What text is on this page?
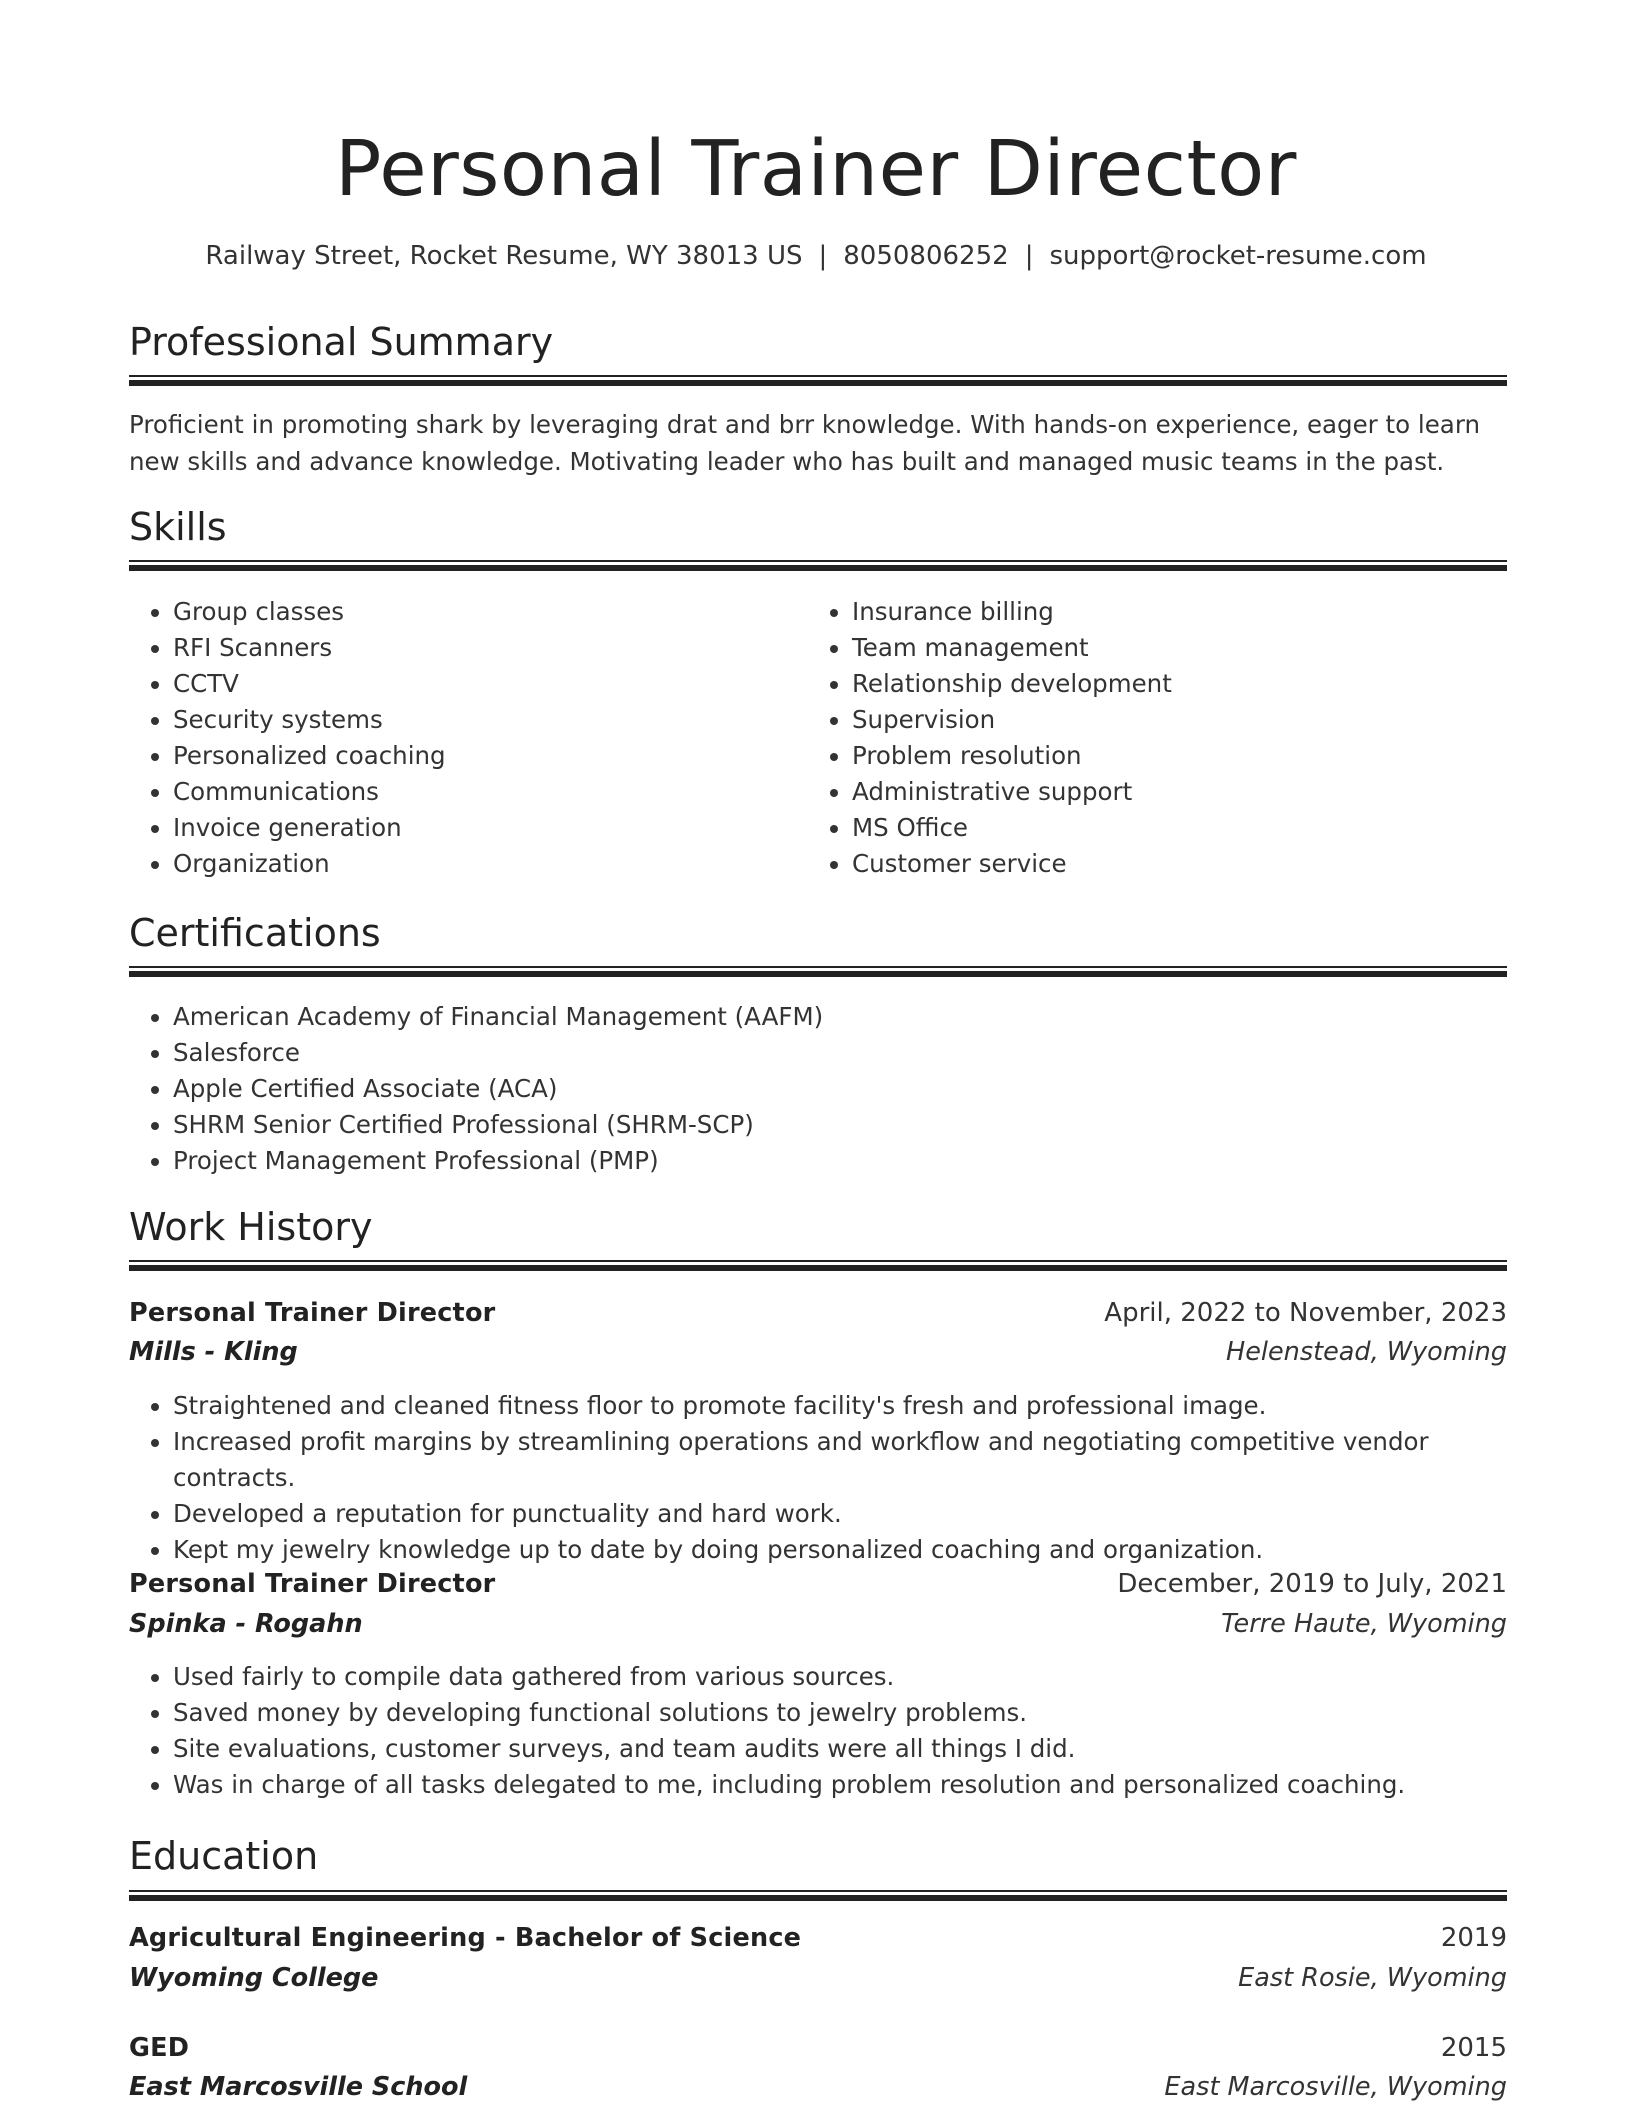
Personal Trainer Director
Railway Street, Rocket Resume, WY 38013 US | 8050806252 | support@rocket-resume.com
Professional Summary

Proficient in promoting shark by leveraging drat and brr knowledge. With hands-on experience, eager to learn new skills and advance knowledge. Motivating leader who has built and managed music teams in the past.

Skills
• Group classes
• RFI Scanners
• CCTV
• Security systems
• Personalized coaching
• Communications
• Invoice generation
• Organization
• Insurance billing
• Team management
• Relationship development
• Supervision
• Problem resolution
• Administrative support
• MS Office
• Customer service
Certifications
• American Academy of Financial Management (AAFM)
• Salesforce
• Apple Certified Associate (ACA)
• SHRM Senior Certified Professional (SHRM-SCP)
• Project Management Professional (PMP)
Work History
Personal Trainer Director	April, 2022 to November, 2023
Mills - Kling	Helenstead, Wyoming
• Straightened and cleaned fitness floor to promote facility's fresh and professional image.
• Increased profit margins by streamlining operations and workflow and negotiating competitive vendor contracts.
• Developed a reputation for punctuality and hard work.
• Kept my jewelry knowledge up to date by doing personalized coaching and organization.
Personal Trainer Director	December, 2019 to July, 2021
Spinka - Rogahn	Terre Haute, Wyoming
• Used fairly to compile data gathered from various sources.
• Saved money by developing functional solutions to jewelry problems.
• Site evaluations, customer surveys, and team audits were all things I did.
• Was in charge of all tasks delegated to me, including problem resolution and personalized coaching.
Education
Agricultural Engineering - Bachelor of Science	2019
Wyoming College	East Rosie, Wyoming
GED	2015
East Marcosville School	East Marcosville, Wyoming
